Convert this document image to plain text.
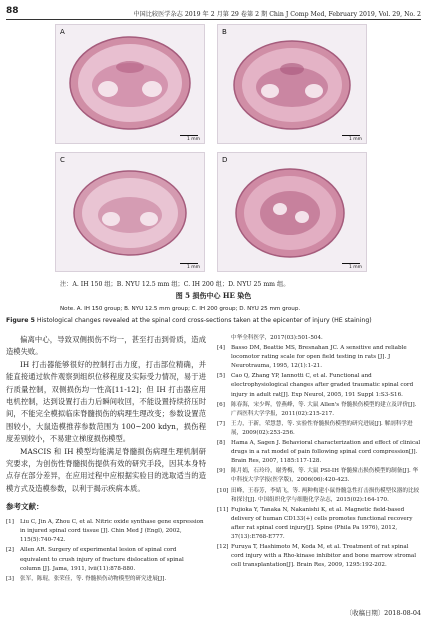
88	中国比较医学杂志 2019 年 2 月第 29 卷第 2 期 Chin J Comp Med, February 2019, Vol. 29, No. 2
A
1 mm
B
1 mm
C
1 mm
D
1 mm
注：A. IH 150 组；B. NYU 12.5 mm 组；C. IH 200 组；D. NYU 25 mm 组。
图 5 损伤中心 HE 染色
Note. A. IH 150 group; B. NYU 12.5 mm group; C. IH 200 group; D. NYU 25 mm group.
Figure 5 Histological changes revealed at the spinal cord cross-sections taken at the epicenter of injury (HE staining)

偏离中心，导致双侧损伤不均一，甚至打击到骨质，造成造模失败。

IH 打击器能够很好的控制打击力度，打击部位精确，并能直接通过软件观察到组织位移程度及实际受力情况，易于进行质量控制，双侧损伤均一性高[11-12]；但 IH 打击器应用电机控制，达到设置打击力后瞬间收回，不能设置持续挤压时间，不能完全模拟临床脊髓损伤的病理生理改变；参数设置范围较小，大鼠造模推荐参数范围为 100~200 kdyn，损伤程度差别较小，不易建立梯度损伤模型。

MASCIS 和 IH 模型均能满足脊髓损伤病理生理机制研究要求，为创伤性脊髓损伤提供有效的研究手段，因其本身特点存在部分差异，在应用过程中应根据实验目的选取适当的造模方式及造模参数，以利于揭示疾病本质。

参考文献：

[1] Liu C, Jin A, Zhou C, et al. Nitric oxide synthase gene expression in injured spinal cord tissue [J]. Chin Med J (Engl), 2002, 115(5):740-742.
[2] Allen AR. Surgery of experimental lesion of spinal cord equivalent to crush injury of fracture dislocation of spinal column [J]. Jama, 1911, lvii(11):878-880.
[3] 张军，陈琨，张荣佳，等. 脊髓损伤动物模型的研究进展[J].
中华全科医学，2017(03):501-504.
[4] Basso DM, Beattie MS, Bresnahan JC. A sensitive and reliable locomotor rating scale for open field testing in rats [J]. J Neurotrauma, 1995, 12(1):1-21.
[5] Cao Q, Zhang YP, Iannotti C, et al. Functional and electrophysiological changes after graded traumatic spinal cord injury in adult rat[J]. Exp Neurol, 2005, 191 Suppl 1:S3-S16.
[6] 陈春海，宋少晖，曾燕峰，等. 大鼠 Allen's 脊髓损伤模型的建立及评价[J]. 广西医科大学学报，2011(02):215-217.
[7] 王力，于新，荣慧慧，等. 实验性脊髓损伤模型的研究进展[J]. 解剖科学进展，2009(02):253-256.
[8] Hama A, Sagen J. Behavioral characterization and effect of clinical drugs in a rat model of pain following spinal cord compression[J]. Brain Res, 2007, 1185:117-128.
[9] 陈月娟，石玲玲，谢秀梅，等. 大鼠 PSI-IH 脊髓撞击损伤模型的制备[J]. 华中科技大学学报(医学版)，2006(06):420-423.
[10] 田峰，王春芳，李婧飞，等. 两种构建小鼠脊髓急性打击损伤模型仪器的比较和探讨[J]. 中国组织化学与细胞化学杂志，2015(02):164-170.
[11] Fujioka Y, Tanaka N, Nakanishi K, et al. Magnetic field-based delivery of human CD133(+) cells promotes functional recovery after rat spinal cord injury[J]. Spine (Phila Pa 1976), 2012, 37(13):E768-E777.
[12] Furuya T, Hashimoto M, Koda M, et al. Treatment of rat spinal cord injury with a Rho-kinase inhibitor and bone marrow stromal cell transplantation[J]. Brain Res, 2009, 1295:192-202.
〔收稿日期〕2018-08-04
